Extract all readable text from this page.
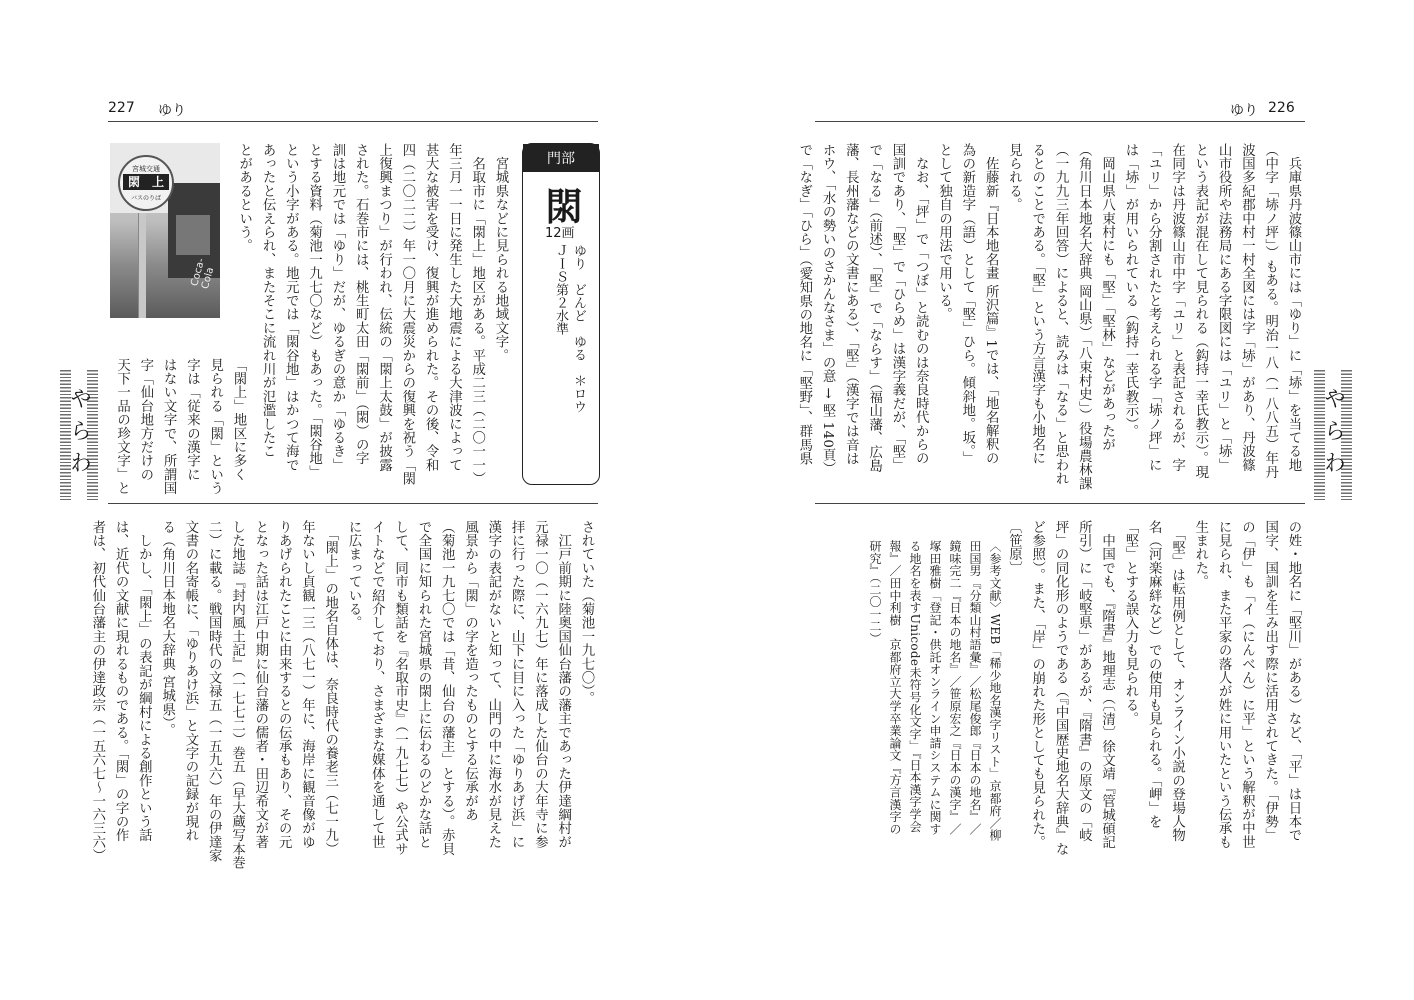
227 ゆり
やらわ
宮城交通
閖　上
バスのりば
Coca-Cola
門部
閖
12画
ゆり　どんど　ゆる　＊ロウ
ＪＩＳ第２水準
　宮城県などに見られる地域文字。
　名取市に「閖上」地区がある。平成二三（二〇一一）
年三月一一日に発生した大地震による大津波によって
甚大な被害を受け、復興が進められた。その後、令和
四（二〇二二）年一〇月に大震災からの復興を祝う「閖
上復興まつり」が行われ、伝統の「閖上太鼓」が披露
された。石巻市には、桃生町太田「閖前」（閖）の字
訓は地元では「ゆり」だが、ゆるぎの意か「ゆるき」
とする資料（菊池一九七〇など）もあった。「閖谷地」
という小字がある。地元では「閖谷地」はかつて海で
あったと伝えられ、またそこに流れ川が氾濫したこ
とがあるという。
「閖上」地区に多く
見られる「閖」という
字は「従来の漢字に
はない文字で、所謂国
字「仙台地方だけの
天下一品の珍文字」と
されていた（菊池一九七〇）。
　江戸前期に陸奥国仙台藩の藩主であった伊達綱村が
元禄一〇（一六九七）年に落成した仙台の大年寺に参
拝に行った際に、山下に目に入った「ゆりあげ浜」に
漢字の表記がないと知って、山門の中に海水が見えた
風景から「閖」の字を造ったものとする伝承があ
（菊池一九七〇では「昔、仙台の藩主」とする）。赤貝
で全国に知られた宮城県の閖上に伝わるのどかな話と
して、同市も類話を『名取市史』（一九七七）や公式サ
イトなどで紹介しており、さまざまな媒体を通して世
に広まっている。
　「閖上」の地名自体は、奈良時代の養老三（七一九）
年ないし貞観一三（八七一）年に、海岸に観音像がゆ
りあげられたことに由来するとの伝承もあり、その元
となった話は江戸中期に仙台藩の儒者・田辺希文が著
した地誌『封内風土記』（一七七二）巻五（早大蔵写本巻
二）に載る。戦国時代の文禄五（一五九六）年の伊達家
文書の名寄帳に、「ゆりあけ浜」と文字の記録が現れ
る（角川日本地名大辞典 宮城県）。
　しかし、「閖上」の表記が綱村による創作という話
は、近代の文献に現れるものである。「閖」の字の作
者は、初代仙台藩主の伊達政宗（一五六七～一六三六）
ゆり 226
やらわ
　兵庫県丹波篠山市には「ゆり」に「𡋽」を当てる地
（中字「𡋽ノ坪」）もある。明治一八（一八八五）年丹
波国多紀郡中村一村全図には字「𡋽」があり、丹波篠
山市役所や法務局にある字限図には「ユリ」と「𡋽」
という表記が混在して見られる（鈎持一幸氏教示）。現
在同字は丹波篠山市中字「ユリ」と表記されるが、字
「ユリ」から分割されたと考えられる字「𡋽ノ坪」に
は「𡋽」が用いられている（鈎持一幸氏教示）。
　岡山県八束村にも「𡌛」「𡌛林」などがあったが
（角川日本地名大辞典 岡山県）「八束村史」）役場農林課
（一九九三年回答）によると、読みは「なる」と思われ
るとのことである。「𡌛」という方言漢字も小地名に
見られる。
　佐藤新『日本地名畫 所沢篇』1では、「地名解釈の
為の新造字（語）として「𡌛」ひら。傾斜地。坂。」
として独自の用法で用いる。
　なお、「坪」で「つぼ」と読むのは奈良時代からの
国訓であり、「𡌛」で「ひらめ」は漢字義だが、「𡌛」
で「なる」（前述）、「𡌛」で「ならす」（福山藩、広島
藩、長州藩などの文書にある）、「𡌛」（漢字では音は
ホウ、「水の勢いのさかんなさま」の意 → 𡌛 140頁）
で「なぎ」「ひら」（愛知県の地名に「𡌛野」、群馬県
の姓・地名に「𡌛川」がある）など、「平」は日本で
国字、国訓を生み出す際に活用されてきた。「伊勢」
の「伊」も「イ（にんべん）に平」という解釈が中世
に見られ、また平家の落人が姓に用いたという伝承も
生まれた。
　「𡌛」は転用例として、オンライン小説の登場人物
名（河楽麻絆など）での使用も見られる。「岬」を
「𡌛」とする誤入力も見られる。
　中国でも、『隋書』地理志（〔清〕徐文靖『管城碩記
所引）に「岐𡌛県」があるが、『隋書』の原文の「岐
坪」の同化形のようである（『中国歴史地名大辞典』な
ど参照）。また、「岸」の崩れた形としても見られた。
〔笹原〕
〈参考文献〉WEB「稀少地名漢字リスト」京都府／柳
田国男『分類山村語彙』／松尾俊郎『日本の地名』／
鏡味完二『日本の地名』／笹原宏之『日本の漢字』／
塚田雅樹「登記・供託オンライン申請システムに関す
る地名を表すUnicode未符号化文字」『日本漢字学会
報』／田中利樹　京都府立大学卒業論文『方言漢字の
研究』（二〇一二）
